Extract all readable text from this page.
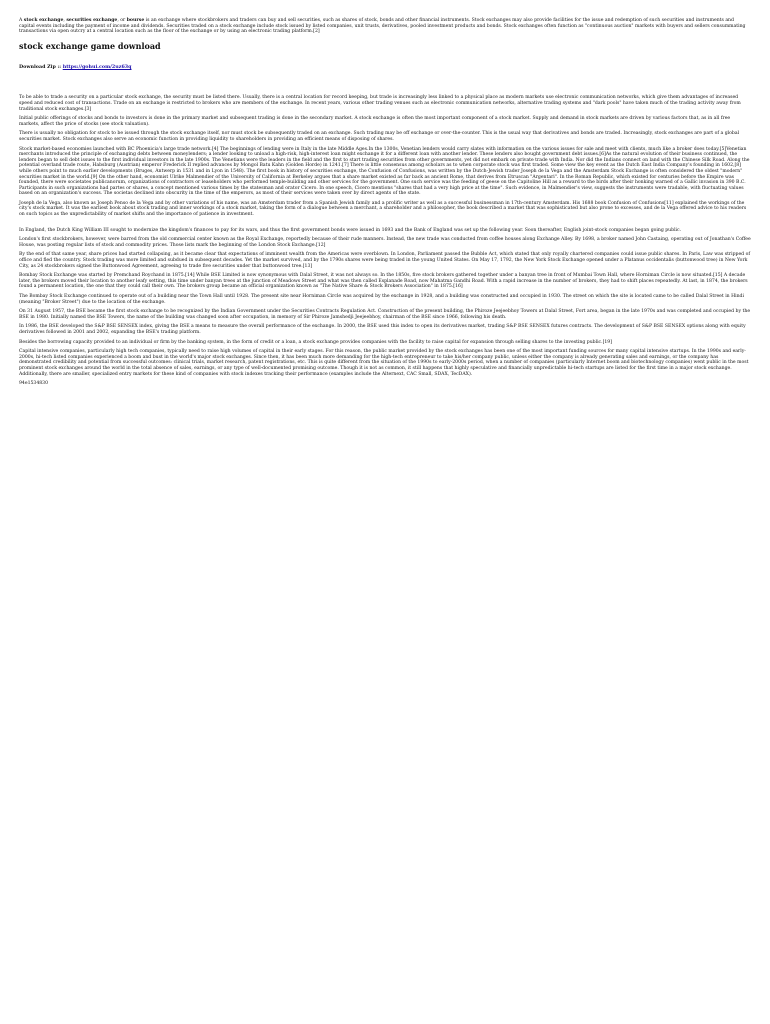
A stock exchange, securities exchange, or bourse is an exchange where stockbrokers and traders can buy and sell securities, such as shares of stock, bonds and other financial instruments. Stock exchanges may also provide facilities for the issue and redemption of such securities and instruments and capital events including the payment of income and dividends. Securities traded on a stock exchange include stock issued by listed companies, unit trusts, derivatives, pooled investment products and bonds. Stock exchanges often function as "continuous auction" markets with buyers and sellers consummating transactions via open outcry at a central location such as the floor of the exchange or by using an electronic trading platform.[2]

stock exchange game download

Download Zip :: https://gohui.com/2uz63q

To be able to trade a security on a particular stock exchange, the security must be listed there. Usually, there is a central location for record keeping, but trade is increasingly less linked to a physical place as modern markets use electronic communication networks, which give them advantages of increased speed and reduced cost of transactions. Trade on an exchange is restricted to brokers who are members of the exchange. In recent years, various other trading venues such as electronic communication networks, alternative trading systems and "dark pools" have taken much of the trading activity away from traditional stock exchanges.[3]

Initial public offerings of stocks and bonds to investors is done in the primary market and subsequent trading is done in the secondary market. A stock exchange is often the most important component of a stock market. Supply and demand in stock markets are driven by various factors that, as in all free markets, affect the price of stocks (see stock valuation).

There is usually no obligation for stock to be issued through the stock exchange itself, nor must stock be subsequently traded on an exchange. Such trading may be off exchange or over-the-counter. This is the usual way that derivatives and bonds are traded. Increasingly, stock exchanges are part of a global securities market. Stock exchanges also serve an economic function in providing liquidity to shareholders in providing an efficient means of disposing of shares.

Stock market-based economies launched with BC Phoenicia's large trade network.[4] The beginnings of lending were in Italy in the late Middle Ages.In the 1300s, Venetian lenders would carry slates with information on the various issues for sale and meet with clients, much like a broker does today.[5]Venetian merchants introduced the principle of exchanging debts between moneylenders; a lender looking to unload a high-risk, high-interest loan might exchange it for a different loan with another lender. These lenders also bought government debt issues.[6]As the natural evolution of their business continued, the lenders began to sell debt issues to the first individual investors in the late 1900s. The Venetians were the leaders in the field and the first to start trading securities from other governments, yet did not embark on private trade with India. Nor did the Indians connect on land with the Chinese Silk Road. Along the potential overland trade route, Habsburg (Austrian) emperor Frederick II replied advances by Mongol Batu Kahn (Golden Horde) in 1241.[7] There is little consensus among scholars as to when corporate stock was first traded. Some view the key event as the Dutch East India Company's founding in 1602,[8] while others point to much earlier developments (Bruges, Antwerp in 1531 and in Lyon in 1548). The first book in history of securities exchange, the Confusion of Confusions, was written by the Dutch-Jewish trader Joseph de la Vega and the Amsterdam Stock Exchange is often considered the oldest "modern" securities market in the world.[9] On the other hand, economist Ulrike Malmendier of the University of California at Berkeley argues that a share market existed as far back as ancient Rome, that derives from Etruscan "Argentari". In the Roman Republic, which existed for centuries before the Empire was founded, there were societates publicanorum, organizations of contractors or leaseholders who performed temple-building and other services for the government. One such service was the feeding of geese on the Capitoline Hill as a reward to the birds after their honking warned of a Gallic invasion in 390 B.C. Participants in such organizations had partes or shares, a concept mentioned various times by the statesman and orator Cicero. In one speech, Cicero mentions "shares that had a very high price at the time". Such evidence, in Malmendier's view, suggests the instruments were tradable, with fluctuating values based on an organization's success. The societas declined into obscurity in the time of the emperors, as most of their services were taken over by direct agents of the state.

Joseph de la Vega, also known as Joseph Penso de la Vega and by other variations of his name, was an Amsterdam trader from a Spanish Jewish family and a prolific writer as well as a successful businessman in 17th-century Amsterdam. His 1688 book Confusion of Confusions[11] explained the workings of the city's stock market. It was the earliest book about stock trading and inner workings of a stock market, taking the form of a dialogue between a merchant, a shareholder and a philosopher, the book described a market that was sophisticated but also prone to excesses, and de la Vega offered advice to his readers on such topics as the unpredictability of market shifts and the importance of patience in investment.

In England, the Dutch King William III sought to modernize the kingdom's finances to pay for its wars, and thus the first government bonds were issued in 1693 and the Bank of England was set up the following year. Soon thereafter, English joint-stock companies began going public.

London's first stockbrokers, however, were barred from the old commercial center known as the Royal Exchange, reportedly because of their rude manners. Instead, the new trade was conducted from coffee houses along Exchange Alley. By 1698, a broker named John Castaing, operating out of Jonathan's Coffee House, was posting regular lists of stock and commodity prices. Those lists mark the beginning of the London Stock Exchange.[12]

By the end of that same year, share prices had started collapsing, as it became clear that expectations of imminent wealth from the Americas were overblown. In London, Parliament passed the Bubble Act, which stated that only royally chartered companies could issue public shares. In Paris, Law was stripped of office and fled the country. Stock trading was more limited and subdued in subsequent decades. Yet the market survived, and by the 1790s shares were being traded in the young United States. On May 17, 1792, the New York Stock Exchange opened under a Platanus occidentalis (buttonwood tree) in New York City, as 24 stockbrokers signed the Buttonwood Agreement, agreeing to trade five securities under that buttonwood tree.[13]

Bombay Stock Exchange was started by Premchand Roychand in 1875.[14] While BSE Limited is now synonymous with Dalal Street, it was not always so. In the 1850s, five stock brokers gathered together under a banyan tree in front of Mumbai Town Hall, where Horniman Circle is now situated.[15] A decade later, the brokers moved their location to another leafy setting, this time under banyan trees at the junction of Meadows Street and what was then called Esplanade Road, now Mahatma Gandhi Road. With a rapid increase in the number of brokers, they had to shift places repeatedly. At last, in 1874, the brokers found a permanent location, the one that they could call their own. The brokers group became an official organization known as "The Native Share & Stock Brokers Association" in 1875.[16]

The Bombay Stock Exchange continued to operate out of a building near the Town Hall until 1928. The present site near Horniman Circle was acquired by the exchange in 1928, and a building was constructed and occupied in 1930. The street on which the site is located came to be called Dalal Street in Hindi (meaning "Broker Street") due to the location of the exchange.

On 31 August 1957, the BSE became the first stock exchange to be recognized by the Indian Government under the Securities Contracts Regulation Act. Construction of the present building, the Phiroze Jeejeebhoy Towers at Dalal Street, Fort area, began in the late 1970s and was completed and occupied by the BSE in 1980. Initially named the BSE Towers, the name of the building was changed soon after occupation, in memory of Sir Phiroze Jamshedji Jeejeebhoy, chairman of the BSE since 1966, following his death.

In 1986, the BSE developed the S&P BSE SENSEX index, giving the BSE a means to measure the overall performance of the exchange. In 2000, the BSE used this index to open its derivatives market, trading S&P BSE SENSEX futures contracts. The development of S&P BSE SENSEX options along with equity derivatives followed in 2001 and 2002, expanding the BSE's trading platform.

Besides the borrowing capacity provided to an individual or firm by the banking system, in the form of credit or a loan, a stock exchange provides companies with the facility to raise capital for expansion through selling shares to the investing public.[19]

Capital intensive companies, particularly high tech companies, typically need to raise high volumes of capital in their early stages. For this reason, the public market provided by the stock exchanges has been one of the most important funding sources for many capital intensive startups. In the 1990s and early-2000s, hi-tech listed companies experienced a boom and bust in the world's major stock exchanges. Since then, it has been much more demanding for the high-tech entrepreneur to take his/her company public, unless either the company is already generating sales and earnings, or the company has demonstrated credibility and potential from successful outcomes: clinical trials, market research, patent registrations, etc. This is quite different from the situation of the 1990s to early-2000s period, when a number of companies (particularly Internet boom and biotechnology companies) went public in the most prominent stock exchanges around the world in the total absence of sales, earnings, or any type of well-documented promising outcome. Though it is not as common, it still happens that highly speculative and financially unpredictable hi-tech startups are listed for the first time in a major stock exchange. Additionally, there are smaller, specialized entry markets for these kind of companies with stock indexes tracking their performance (examples include the Alternext, CAC Small, SDAX, TecDAX).

94e1534830
